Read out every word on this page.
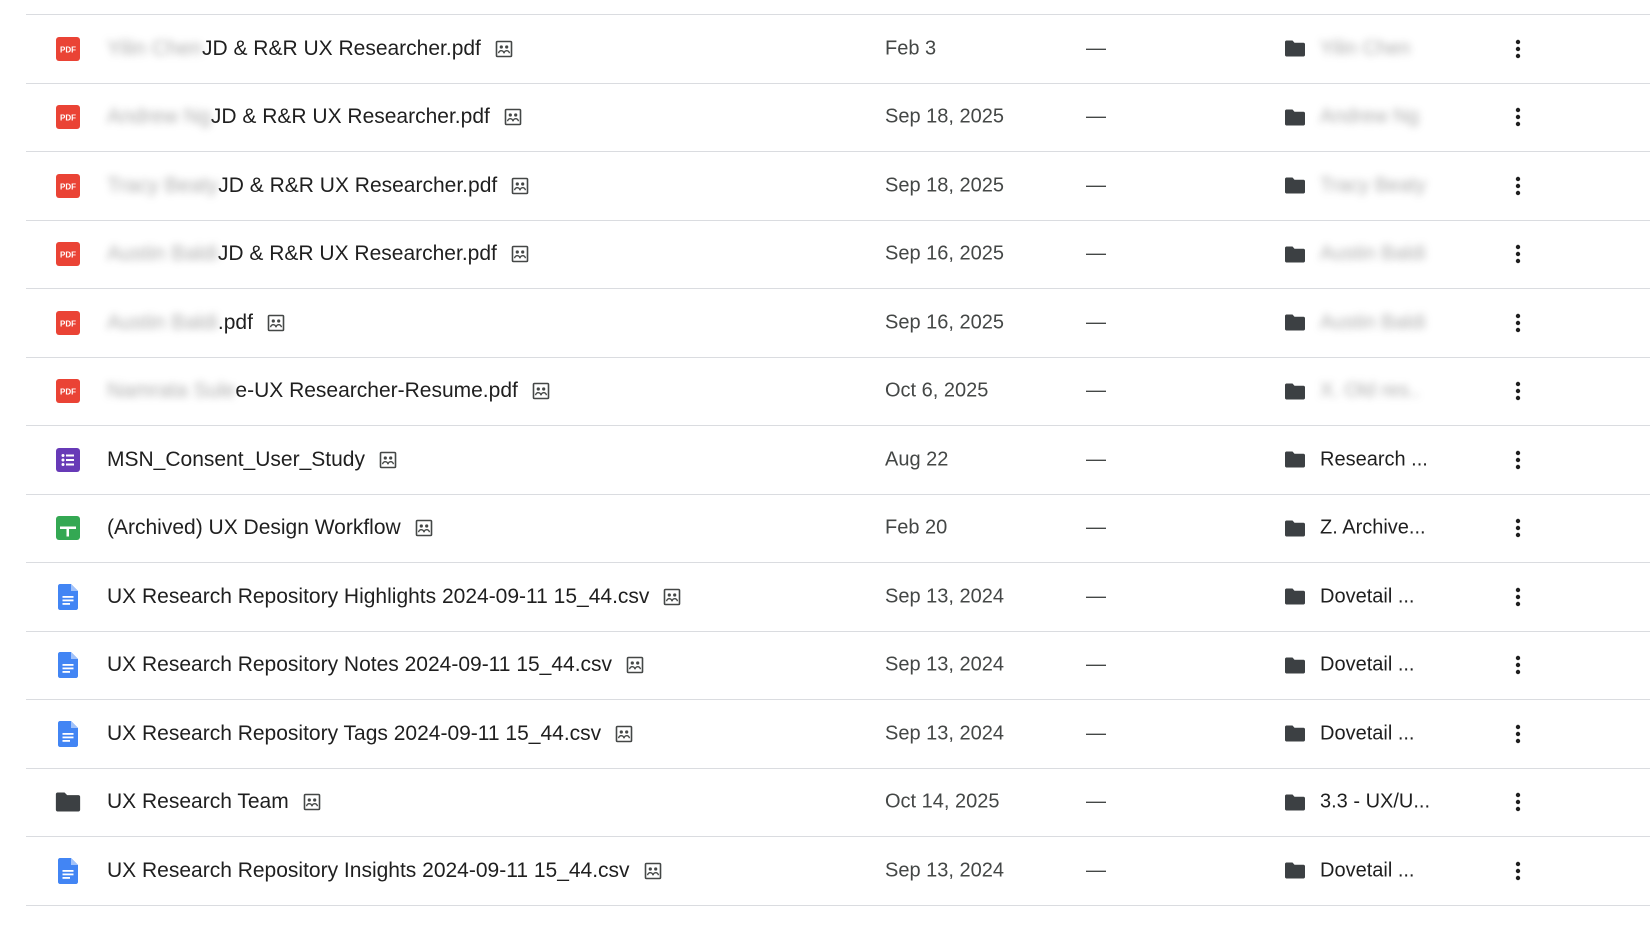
PDF Yilin Chen JD & R&R UX Researcher.pdf	Feb 3	—	Yilin Chen
PDF Andrew Ng JD & R&R UX Researcher.pdf	Sep 18, 2025	—	Andrew Ng
PDF Tracy Beaty JD & R&R UX Researcher.pdf	Sep 18, 2025	—	Tracy Beaty
PDF Austin Baldi JD & R&R UX Researcher.pdf	Sep 16, 2025	—	Austin Baldi
PDF Austin Baldi .pdf	Sep 16, 2025	—	Austin Baldi
PDF Namrata Sule e-UX Researcher-Resume.pdf	Oct 6, 2025	—	X. Old res..
MSN_Consent_User_Study	Aug 22	—	Research ...
(Archived) UX Design Workflow	Feb 20	—	Z. Archive...
UX Research Repository Highlights 2024-09-11 15_44.csv	Sep 13, 2024	—	Dovetail ...
UX Research Repository Notes 2024-09-11 15_44.csv	Sep 13, 2024	—	Dovetail ...
UX Research Repository Tags 2024-09-11 15_44.csv	Sep 13, 2024	—	Dovetail ...
UX Research Team	Oct 14, 2025	—	3.3 - UX/U...
UX Research Repository Insights 2024-09-11 15_44.csv	Sep 13, 2024	—	Dovetail ...
